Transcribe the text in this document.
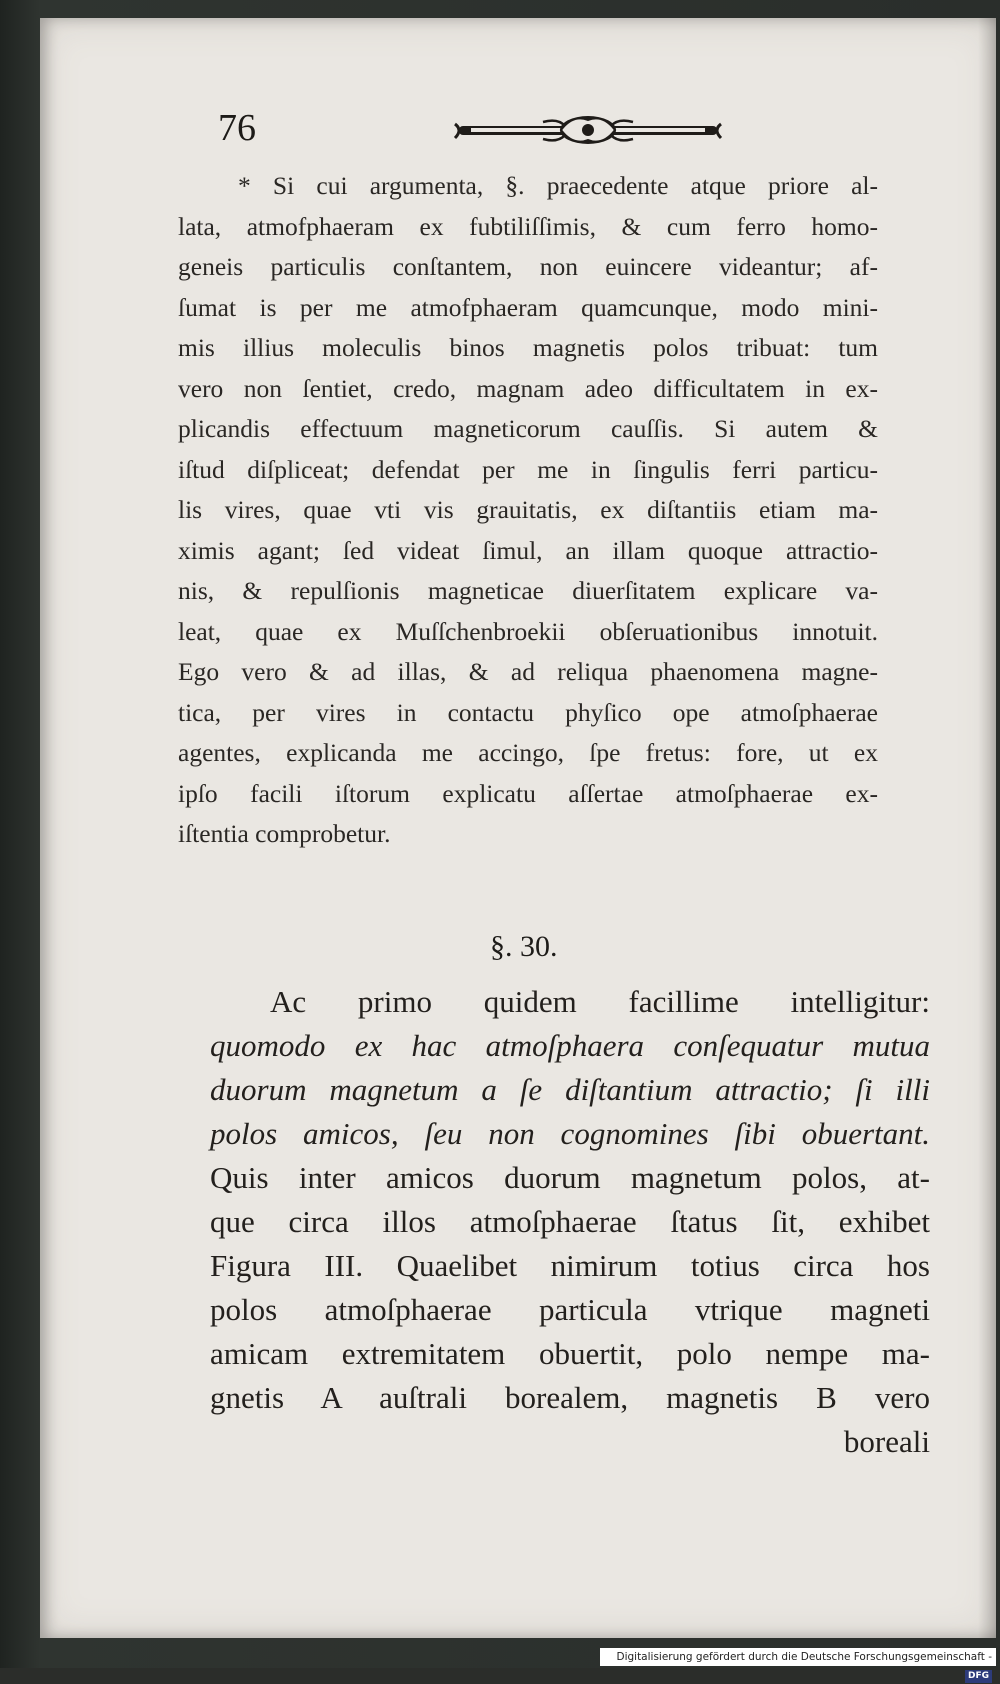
76
* Si cui argumenta, §. praecedente atque priore al-
lata, atmofphaeram ex fubtiliſſimis, & cum ferro homo-
geneis particulis conſtantem, non euincere videantur; af-
ſumat is per me atmofphaeram quamcunque, modo mini-
mis illius moleculis binos magnetis polos tribuat: tum
vero non ſentiet, credo, magnam adeo difficultatem in ex-
plicandis effectuum magneticorum cauſſis. Si autem &
iſtud diſpliceat; defendat per me in ſingulis ferri particu-
lis vires, quae vti vis grauitatis, ex diſtantiis etiam ma-
ximis agant; ſed videat ſimul, an illam quoque attractio-
nis, & repulſionis magneticae diuerſitatem explicare va-
leat, quae ex Muſſchenbroekii obſeruationibus innotuit.
Ego vero & ad illas, & ad reliqua phaenomena magne-
tica, per vires in contactu phyſico ope atmoſphaerae
agentes, explicanda me accingo, ſpe fretus: fore, ut ex
ipſo facili iſtorum explicatu aſſertae atmoſphaerae ex-
iſtentia comprobetur.
§. 30.
Ac primo quidem facillime intelligitur:
quomodo ex hac atmoſphaera conſequatur mutua
duorum magnetum a ſe diſtantium attractio; ſi illi
polos amicos, ſeu non cognomines ſibi obuertant.
Quis inter amicos duorum magnetum polos, at-
que circa illos atmoſphaerae ſtatus ſit, exhibet
Figura III. Quaelibet nimirum totius circa hos
polos atmoſphaerae particula vtrique magneti
amicam extremitatem obuertit, polo nempe ma-
gnetis A auſtrali borealem, magnetis B vero
boreali
Digitalisierung gefördert durch die Deutsche Forschungsgemeinschaft -DFG
